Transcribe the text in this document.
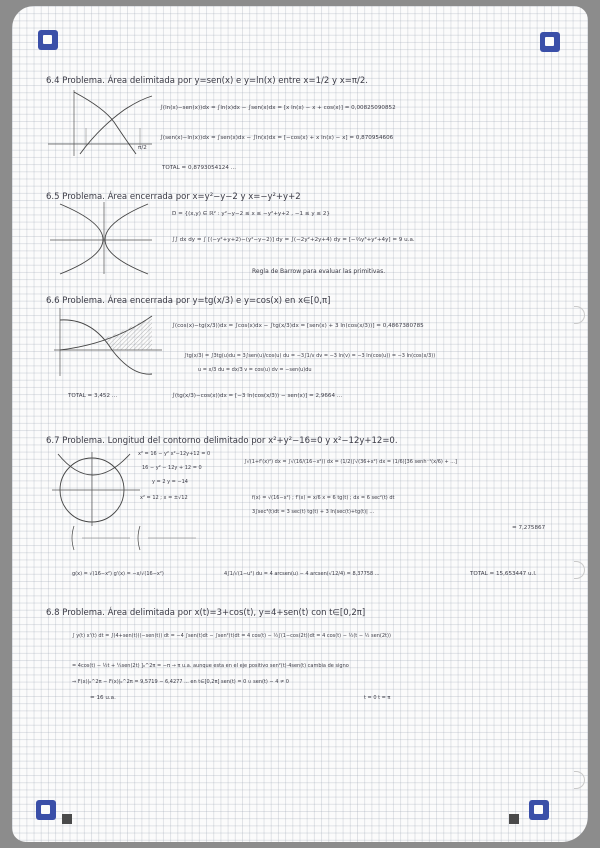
6.4 Problema. Área delimitada por y=sen(x) e y=ln(x) entre x=1/2 y x=π/2.
π/2
∫(ln(x)−sen(x))dx = ∫ln(x)dx − ∫sen(x)dx = [x ln(x) − x + cos(x)] = 0,00825090852
∫(sen(x)−ln(x))dx = ∫sen(x)dx − ∫ln(x)dx = [−cos(x) + x ln(x) − x] = 0,870954606
TOTAL = 0,8793054124 ...
6.5 Problema. Área encerrada por x=y²−y−2 y x=−y²+y+2
D = {(x,y) ∈ ℝ² : y²−y−2 ≤ x ≤ −y²+y+2 , −1 ≤ y ≤ 2}
∫∫ dx dy = ∫ [(−y²+y+2)−(y²−y−2)] dy = ∫(−2y²+2y+4) dy = [−⅔y³+y²+4y] = 9 u.a.
Regla de Barrow para evaluar las primitivas.
6.6 Problema. Área encerrada por y=tg(x/3) e y=cos(x) en x∈[0,π]
∫(cos(x)−tg(x/3))dx = ∫cos(x)dx − ∫tg(x/3)dx = [sen(x) + 3 ln(cos(x/3))] = 0,4867380785
∫tg(x/3) = ∫3tg(u)du = 3∫sen(u)/cos(u) du = −3∫1/v dv = −3 ln(v) = −3 ln(cos(u)) = −3 ln(cos(x/3))
u = x/3 du = dx/3 v = cos(u) dv = −sen(u)du
TOTAL = 3,452 ...	∫(tg(x/3)−cos(x))dx = [−3 ln(cos(x/3)) − sen(x)] = 2,9664 ...
6.7 Problema. Longitud del contorno delimitado por x²+y²−16=0 y x²−12y+12=0.
x² = 16 − y² x²−12y+12 = 0
16 − y² − 12y + 12 = 0
y = 2 y = −14
x² = 12 ; x = ±√12
∫√(1+f'(x)²) dx = ∫√(16/(16−x²)) dx = (1/2)∫√(36+x²) dx = (1/6)[36 senh⁻¹(x/6) + ...]
f(x) = √(16−x²) ; f'(x) = x/6 x = 6 tg(t) ; dx = 6 sec²(t) dt
3∫sec³(t)dt = 3 sec(t) tg(t) + 3 ln|sec(t)+tg(t)| ...
= 7,275867
g(x) = √(16−x²) g'(x) = −x/√(16−x²)	4∫1/√(1−u²) du = 4 arcsen(u) − 4 arcsen(√12/4) = 8,37758 ...	TOTAL = 15,653447 u.l.
6.8 Problema. Área delimitada por x(t)=3+cos(t), y=4+sen(t) con t∈[0,2π]
∫ y(t) x'(t) dt = ∫(4+sen(t))(−sen(t)) dt = −4 ∫sen(t)dt − ∫sen²(t)dt = 4 cos(t) − ½∫(1−cos(2t))dt = 4 cos(t) − ½(t − ½ sen(2t))
= 4cos(t) − ½t + ¼sen(2t) ]₀^2π = −π → π u.a. aunque esta en el eje positivo sen²(t)·4sen(t) cambia de signo
⇒ F(x)|₀^2π − F(x)|₀^2π = 9,5719 − 6,4277 ... en t∈[0,2π] sen(t) = 0 ∪ sen(t) − 4 ≠ 0
= 16 u.a.	t = 0 t = π
